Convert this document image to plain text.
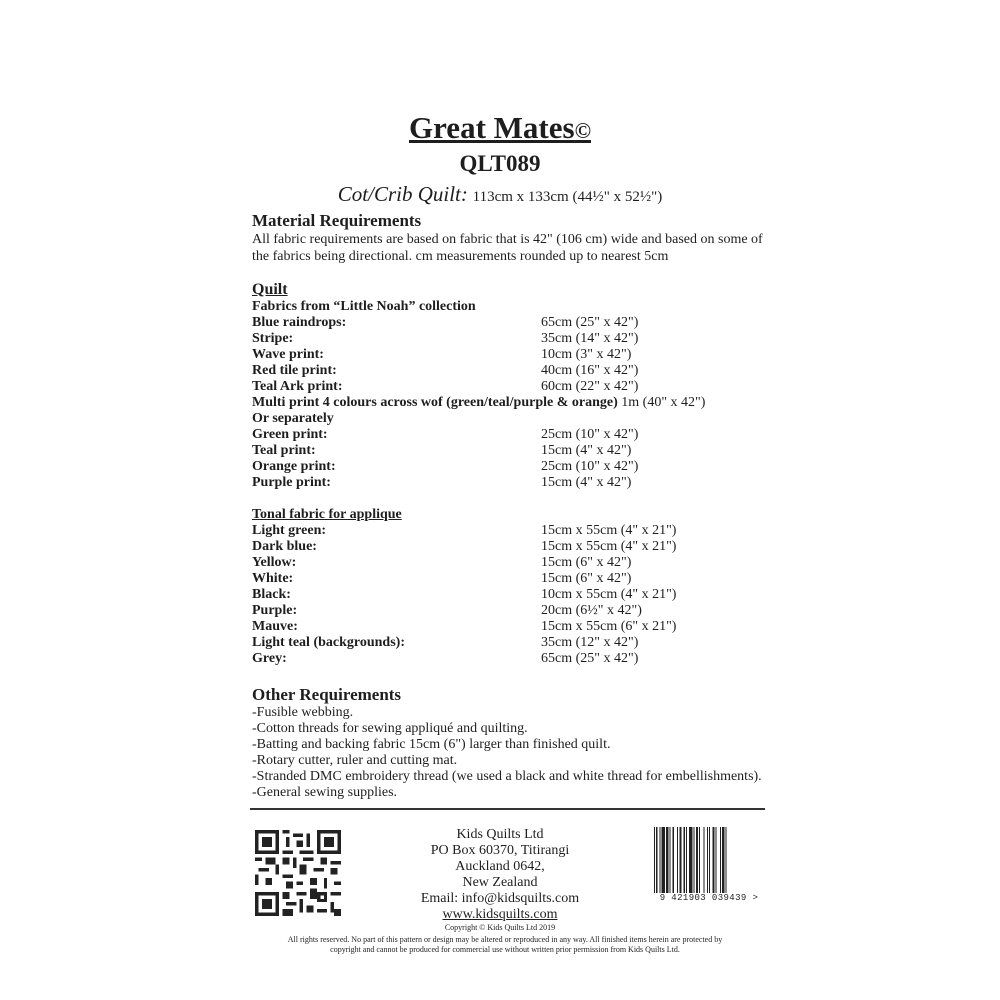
Great Mates©
QLT089
Cot/Crib Quilt: 113cm x 133cm (44½" x 52½")
Material Requirements
All fabric requirements are based on fabric that is 42" (106 cm) wide and based on some of
the fabrics being directional. cm measurements rounded up to nearest 5cm
Quilt
Fabrics from “Little Noah” collection
Blue raindrops:	65cm (25" x 42")
Stripe:	35cm (14" x 42")
Wave print:	10cm (3" x 42")
Red tile print:	40cm (16" x 42")
Teal Ark print:	60cm (22" x 42")
Multi print 4 colours across wof (green/teal/purple & orange) 1m (40" x 42")
Or separately
Green print:	25cm (10" x 42")
Teal print:	15cm (4" x 42")
Orange print:	25cm (10" x 42")
Purple print:	15cm (4" x 42")
Tonal fabric for applique
Light green:	15cm x 55cm (4" x 21")
Dark blue:	15cm x 55cm (4" x 21")
Yellow:	15cm (6" x 42")
White:	15cm (6" x 42")
Black:	10cm x 55cm (4" x 21")
Purple:	20cm (6½" x 42")
Mauve:	15cm x 55cm (6" x 21")
Light teal (backgrounds):	35cm (12" x 42")
Grey:	65cm (25" x 42")
Other Requirements
-Fusible webbing.
-Cotton threads for sewing appliqué and quilting.
-Batting and backing fabric 15cm (6") larger than finished quilt.
-Rotary cutter, ruler and cutting mat.
-Stranded DMC embroidery thread (we used a black and white thread for embellishments).
-General sewing supplies.
Kids Quilts Ltd
PO Box 60370, Titirangi
Auckland 0642,
New Zealand
Email: info@kidsquilts.com
www.kidsquilts.com
9 421903 039439 >
Copyright © Kids Quilts Ltd 2019
All rights reserved. No part of this pattern or design may be altered or reproduced in any way. All finished items herein are protected by
copyright and cannot be produced for commercial use without written prior permission from Kids Quilts Ltd.
